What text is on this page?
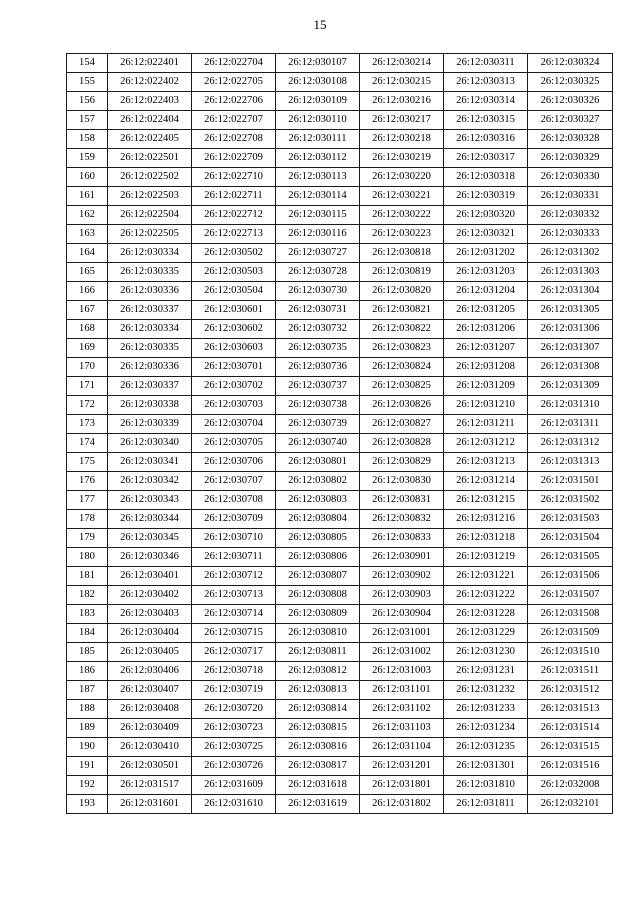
15
154	26:12:022401	26:12:022704	26:12:030107	26:12:030214	26:12:030311	26:12:030324
155	26:12:022402	26:12:022705	26:12:030108	26:12:030215	26:12:030313	26:12:030325
156	26:12:022403	26:12:022706	26:12:030109	26:12:030216	26:12:030314	26:12:030326
157	26:12:022404	26:12:022707	26:12:030110	26:12:030217	26:12:030315	26:12:030327
158	26:12:022405	26:12:022708	26:12:030111	26:12:030218	26:12:030316	26:12:030328
159	26:12:022501	26:12:022709	26:12:030112	26:12:030219	26:12:030317	26:12:030329
160	26:12:022502	26:12:022710	26:12:030113	26:12:030220	26:12:030318	26:12:030330
161	26:12:022503	26:12:022711	26:12:030114	26:12:030221	26:12:030319	26:12:030331
162	26:12:022504	26:12:022712	26:12:030115	26:12:030222	26:12:030320	26:12:030332
163	26:12:022505	26:12:022713	26:12:030116	26:12:030223	26:12:030321	26:12:030333
164	26:12:030334	26:12:030502	26:12:030727	26:12:030818	26:12:031202	26:12:031302
165	26:12:030335	26:12:030503	26:12:030728	26:12:030819	26:12:031203	26:12:031303
166	26:12:030336	26:12:030504	26:12:030730	26:12:030820	26:12:031204	26:12:031304
167	26:12:030337	26:12:030601	26:12:030731	26:12:030821	26:12:031205	26:12:031305
168	26:12:030334	26:12:030602	26:12:030732	26:12:030822	26:12:031206	26:12:031306
169	26:12:030335	26:12:030603	26:12:030735	26:12:030823	26:12:031207	26:12:031307
170	26:12:030336	26:12:030701	26:12:030736	26:12:030824	26:12:031208	26:12:031308
171	26:12:030337	26:12:030702	26:12:030737	26:12:030825	26:12:031209	26:12:031309
172	26:12:030338	26:12:030703	26:12:030738	26:12:030826	26:12:031210	26:12:031310
173	26:12:030339	26:12:030704	26:12:030739	26:12:030827	26:12:031211	26:12:031311
174	26:12:030340	26:12:030705	26:12:030740	26:12:030828	26:12:031212	26:12:031312
175	26:12:030341	26:12:030706	26:12:030801	26:12:030829	26:12:031213	26:12:031313
176	26:12:030342	26:12:030707	26:12:030802	26:12:030830	26:12:031214	26:12:031501
177	26:12:030343	26:12:030708	26:12:030803	26:12:030831	26:12:031215	26:12:031502
178	26:12:030344	26:12:030709	26:12:030804	26:12:030832	26:12:031216	26:12:031503
179	26:12:030345	26:12:030710	26:12:030805	26:12:030833	26:12:031218	26:12:031504
180	26:12:030346	26:12:030711	26:12:030806	26:12:030901	26:12:031219	26:12:031505
181	26:12:030401	26:12:030712	26:12:030807	26:12:030902	26:12:031221	26:12:031506
182	26:12:030402	26:12:030713	26:12:030808	26:12:030903	26:12:031222	26:12:031507
183	26:12:030403	26:12:030714	26:12:030809	26:12:030904	26:12:031228	26:12:031508
184	26:12:030404	26:12:030715	26:12:030810	26:12:031001	26:12:031229	26:12:031509
185	26:12:030405	26:12:030717	26:12:030811	26:12:031002	26:12:031230	26:12:031510
186	26:12:030406	26:12:030718	26:12:030812	26:12:031003	26:12:031231	26:12:031511
187	26:12:030407	26:12:030719	26:12:030813	26:12:031101	26:12:031232	26:12:031512
188	26:12:030408	26:12:030720	26:12:030814	26:12:031102	26:12:031233	26:12:031513
189	26:12:030409	26:12:030723	26:12:030815	26:12:031103	26:12:031234	26:12:031514
190	26:12:030410	26:12:030725	26:12:030816	26:12:031104	26:12:031235	26:12:031515
191	26:12:030501	26:12:030726	26:12:030817	26:12:031201	26:12:031301	26:12:031516
192	26:12:031517	26:12:031609	26:12:031618	26:12:031801	26:12:031810	26:12:032008
193	26:12:031601	26:12:031610	26:12:031619	26:12:031802	26:12:031811	26:12:032101
